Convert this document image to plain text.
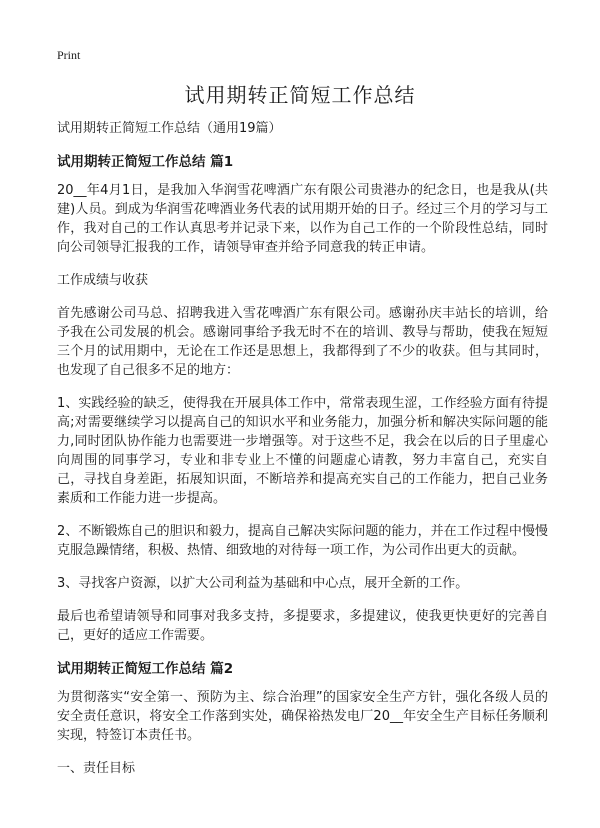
Print
试用期转正简短工作总结

试用期转正简短工作总结（通用19篇）

试用期转正简短工作总结 篇1

20__年4月1日，是我加入华润雪花啤酒广东有限公司贵港办的纪念日，也是我从(共建)人员。到成为华润雪花啤酒业务代表的试用期开始的日子。经过三个月的学习与工作，我对自己的工作认真思考并记录下来，以作为自己工作的一个阶段性总结，同时向公司领导汇报我的工作，请领导审查并给予同意我的转正申请。

工作成绩与收获

首先感谢公司马总、招聘我进入雪花啤酒广东有限公司。感谢孙庆丰站长的培训，给予我在公司发展的机会。感谢同事给予我无时不在的培训、教导与帮助，使我在短短三个月的试用期中，无论在工作还是思想上，我都得到了不少的收获。但与其同时，也发现了自己很多不足的地方：

1、实践经验的缺乏，使得我在开展具体工作中，常常表现生涩，工作经验方面有待提高;对需要继续学习以提高自己的知识水平和业务能力，加强分析和解决实际问题的能力,同时团队协作能力也需要进一步增强等。对于这些不足，我会在以后的日子里虚心向周围的同事学习，专业和非专业上不懂的问题虚心请教，努力丰富自己，充实自己，寻找自身差距，拓展知识面，不断培养和提高充实自己的工作能力，把自己业务素质和工作能力进一步提高。

2、不断锻炼自己的胆识和毅力，提高自己解决实际问题的能力，并在工作过程中慢慢克服急躁情绪，积极、热情、细致地的对待每一项工作，为公司作出更大的贡献。

3、寻找客户资源，以扩大公司利益为基础和中心点，展开全新的工作。

最后也希望请领导和同事对我多支持，多提要求，多提建议，使我更快更好的完善自己，更好的适应工作需要。

试用期转正简短工作总结 篇2

为贯彻落实“安全第一、预防为主、综合治理”的国家安全生产方针，强化各级人员的安全责任意识，将安全工作落到实处，确保裕热发电厂20__年安全生产目标任务顺利实现，特签订本责任书。

一、责任目标
